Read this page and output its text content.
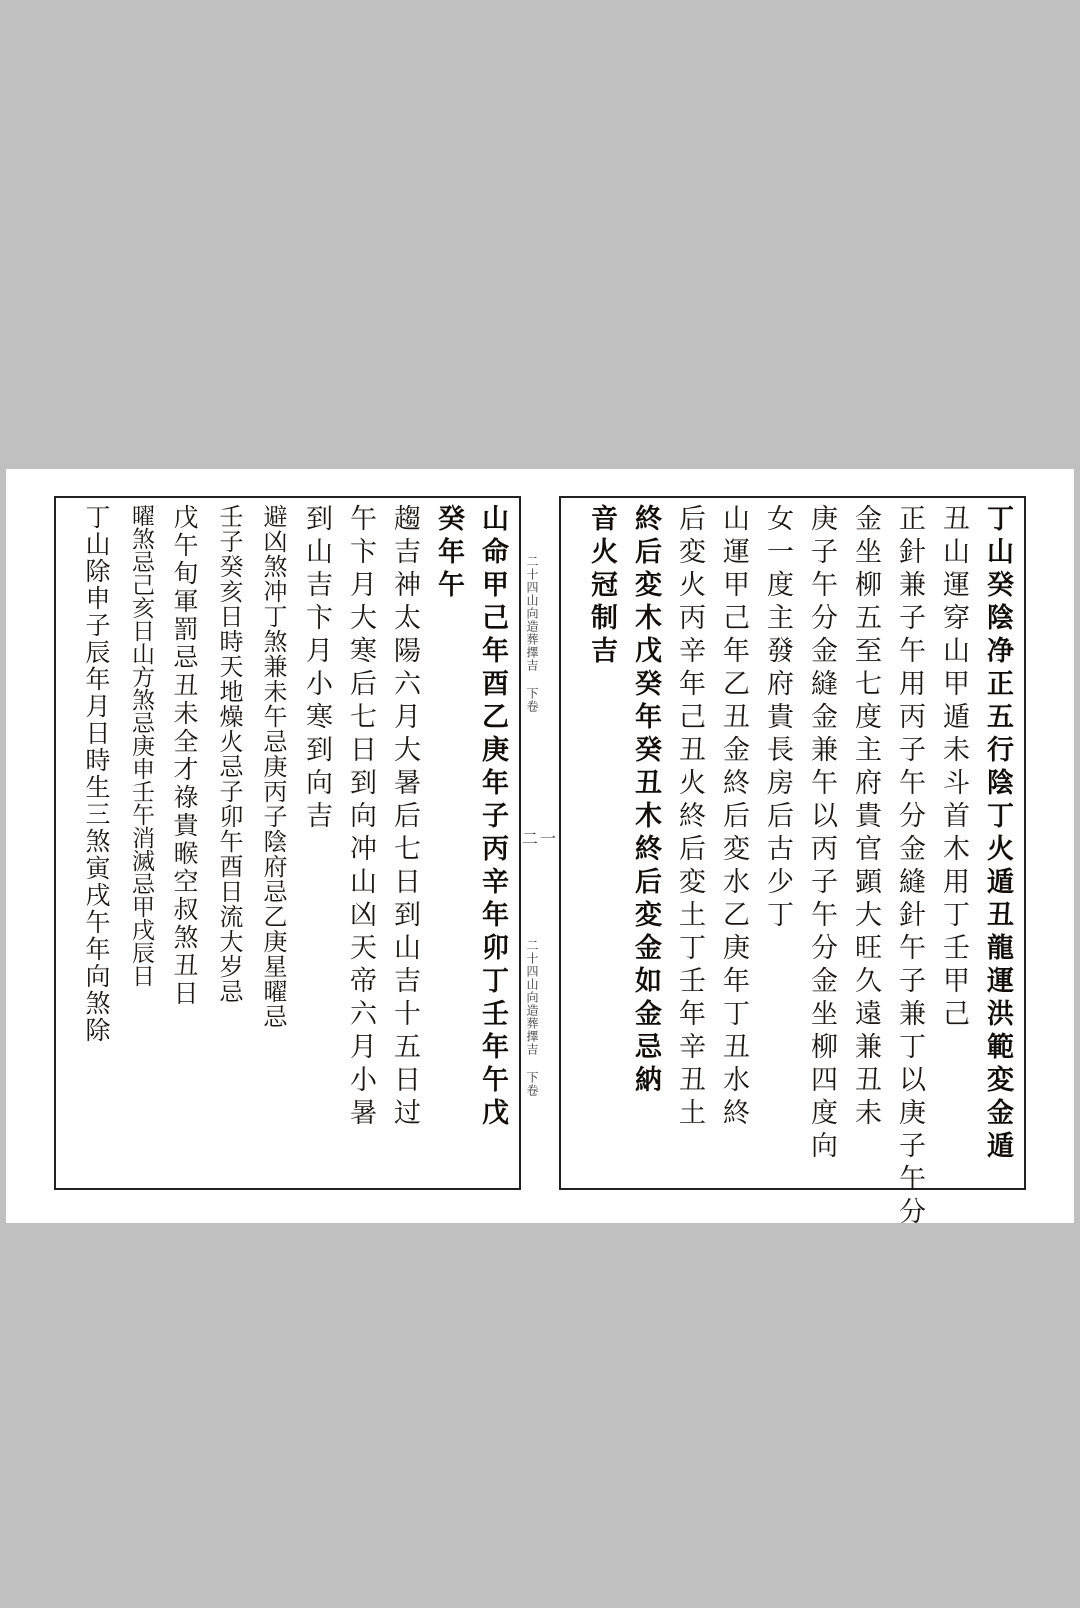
丁山癸陰净正五行陰丁火遁丑龍運洪範変金遁
丑山運穿山甲遁未斗首木用丁壬甲己
正針兼子午用丙子午分金縫針午子兼丁以庚子午分
金坐柳五至七度主府貴官顕大旺久遠兼丑未
庚子午分金縫金兼午以丙子午分金坐柳四度向
女一度主發府貴長房后古少丁
山運甲己年乙丑金終后変水乙庚年丁丑水終
后変火丙辛年己丑火終后変土丁壬年辛丑土
終后変木戊癸年癸丑木終后変金如金忌納
音火冠制吉
二十四山向造葬擇吉 下卷
二一
二十四山向造葬擇吉 下卷
山命甲己年酉乙庚年子丙辛年卯丁壬年午戊
癸年午
趨吉神太陽六月大暑后七日到山吉十五日过
午卞月大寒后七日到向冲山凶天帝六月小暑
到山吉卞月小寒到向吉
避凶煞冲丁煞兼未午忌庚丙子陰府忌乙庚星曜忌
壬子癸亥日時天地燥火忌子卯午酉日流大岁忌
戊午旬軍罰忌丑未全才祿貴㬋空叔煞丑日
曜煞忌己亥日山方煞忌庚申壬午消滅忌甲戌辰日
丁山除申子辰年月日時生三煞寅戌午年向煞除
